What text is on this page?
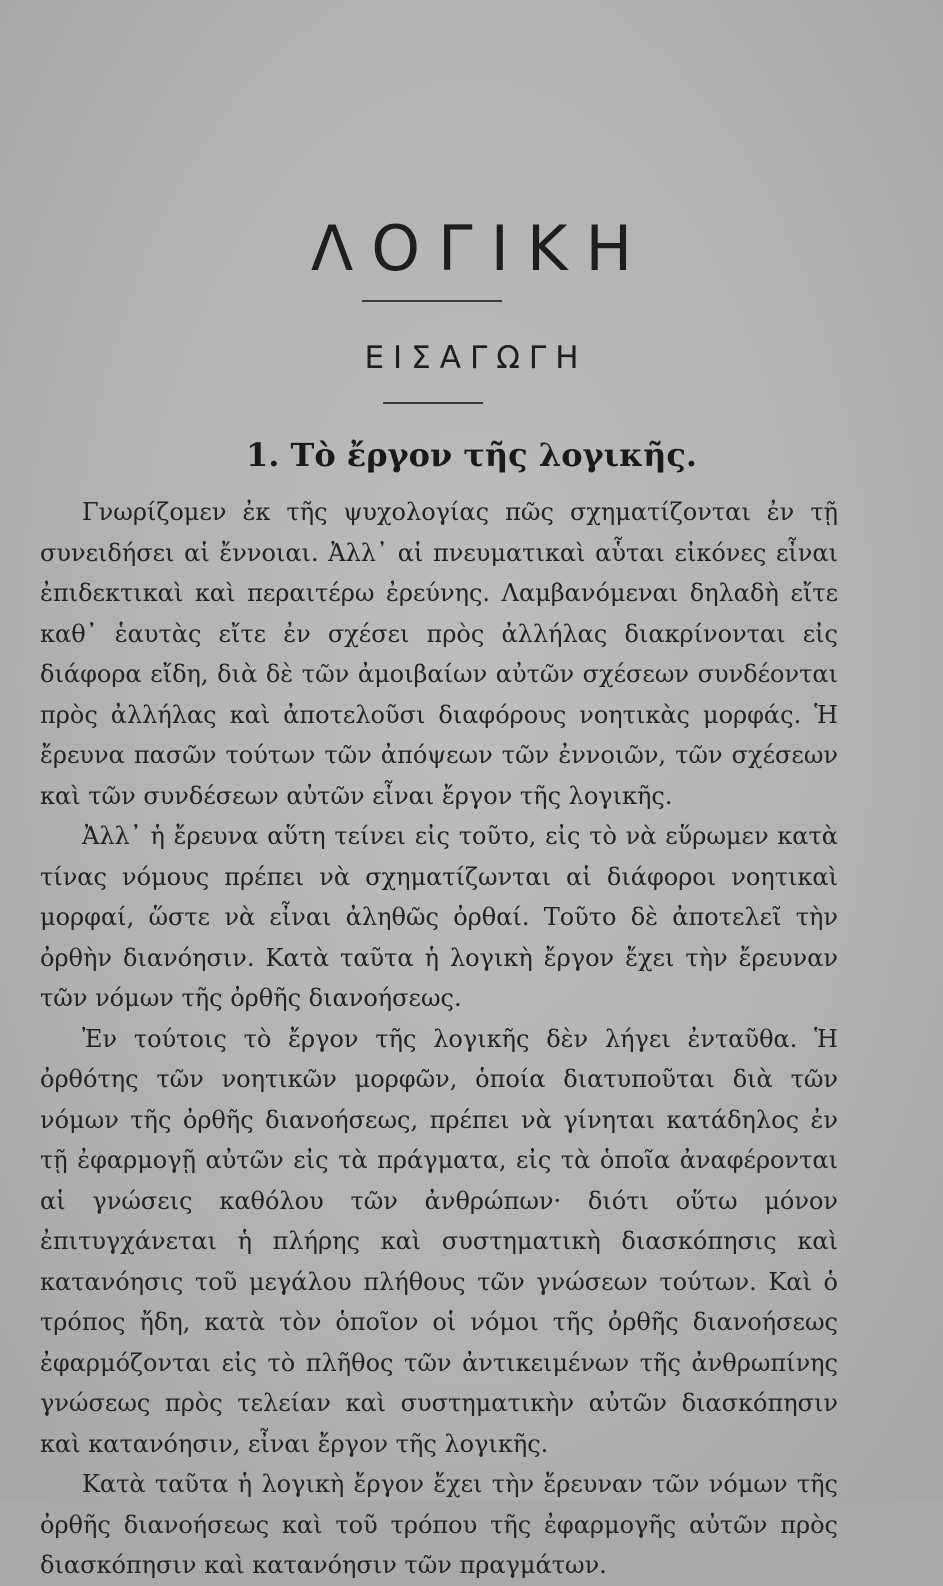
ΛΟΓΙΚΗ
ΕΙΣΑΓΩΓΗ
1. Τὸ ἔργον τῆς λογικῆς.

Γνωρίζομεν ἐκ τῆς ψυχολογίας πῶς σχηματίζονται ἐν τῇ συνειδήσει αἱ ἔννοιαι. Ἀλλ᾽ αἱ πνευματικαὶ αὗται εἰκόνες εἶναι ἐπιδεκτικαὶ καὶ περαιτέρω ἐρεύνης. Λαμβανόμεναι δηλαδὴ εἴτε καθ᾽ ἑαυτὰς εἴτε ἐν σχέσει πρὸς ἀλλήλας διακρίνονται εἰς διάφορα εἴδη, διὰ δὲ τῶν ἀμοιβαίων αὐτῶν σχέσεων συνδέονται πρὸς ἀλλήλας καὶ ἀποτελοῦσι διαφόρους νοητικὰς μορφάς. Ἡ ἔρευνα πασῶν τούτων τῶν ἀπόψεων τῶν ἐννοιῶν, τῶν σχέσεων καὶ τῶν συνδέσεων αὐτῶν εἶναι ἔργον τῆς λογικῆς.

Ἀλλ᾽ ἡ ἔρευνα αὕτη τείνει εἰς τοῦτο, εἰς τὸ νὰ εὕρωμεν κατὰ τίνας νόμους πρέπει νὰ σχηματίζωνται αἱ διάφοροι νοητικαὶ μορφαί, ὥστε νὰ εἶναι ἀληθῶς ὀρθαί. Τοῦτο δὲ ἀποτελεῖ τὴν ὀρθὴν διανόησιν. Κατὰ ταῦτα ἡ λογικὴ ἔργον ἔχει τὴν ἔρευναν τῶν νόμων τῆς ὀρθῆς διανοήσεως.

Ἐν τούτοις τὸ ἔργον τῆς λογικῆς δὲν λήγει ἐνταῦθα. Ἡ ὀρθότης τῶν νοητικῶν μορφῶν, ὁποία διατυποῦται διὰ τῶν νόμων τῆς ὀρθῆς διανοήσεως, πρέπει νὰ γίνηται κατάδηλος ἐν τῇ ἐφαρμογῇ αὐτῶν εἰς τὰ πράγματα, εἰς τὰ ὁποῖα ἀναφέρονται αἱ γνώσεις καθόλου τῶν ἀνθρώπων· διότι οὕτω μόνον ἐπιτυγχάνεται ἡ πλήρης καὶ συστηματικὴ διασκόπησις καὶ κατανόησις τοῦ μεγάλου πλήθους τῶν γνώσεων τούτων. Καὶ ὁ τρόπος ἤδη, κατὰ τὸν ὁποῖον οἱ νόμοι τῆς ὀρθῆς διανοήσεως ἐφαρμόζονται εἰς τὸ πλῆθος τῶν ἀντικειμένων τῆς ἀνθρωπίνης γνώσεως πρὸς τελείαν καὶ συστηματικὴν αὐτῶν διασκόπησιν καὶ κατανόησιν, εἶναι ἔργον τῆς λογικῆς.

Κατὰ ταῦτα ἡ λογικὴ ἔργον ἔχει τὴν ἔρευναν τῶν νόμων τῆς ὀρθῆς διανοήσεως καὶ τοῦ τρόπου τῆς ἐφαρμογῆς αὐτῶν πρὸς διασκόπησιν καὶ κατανόησιν τῶν πραγμάτων.
